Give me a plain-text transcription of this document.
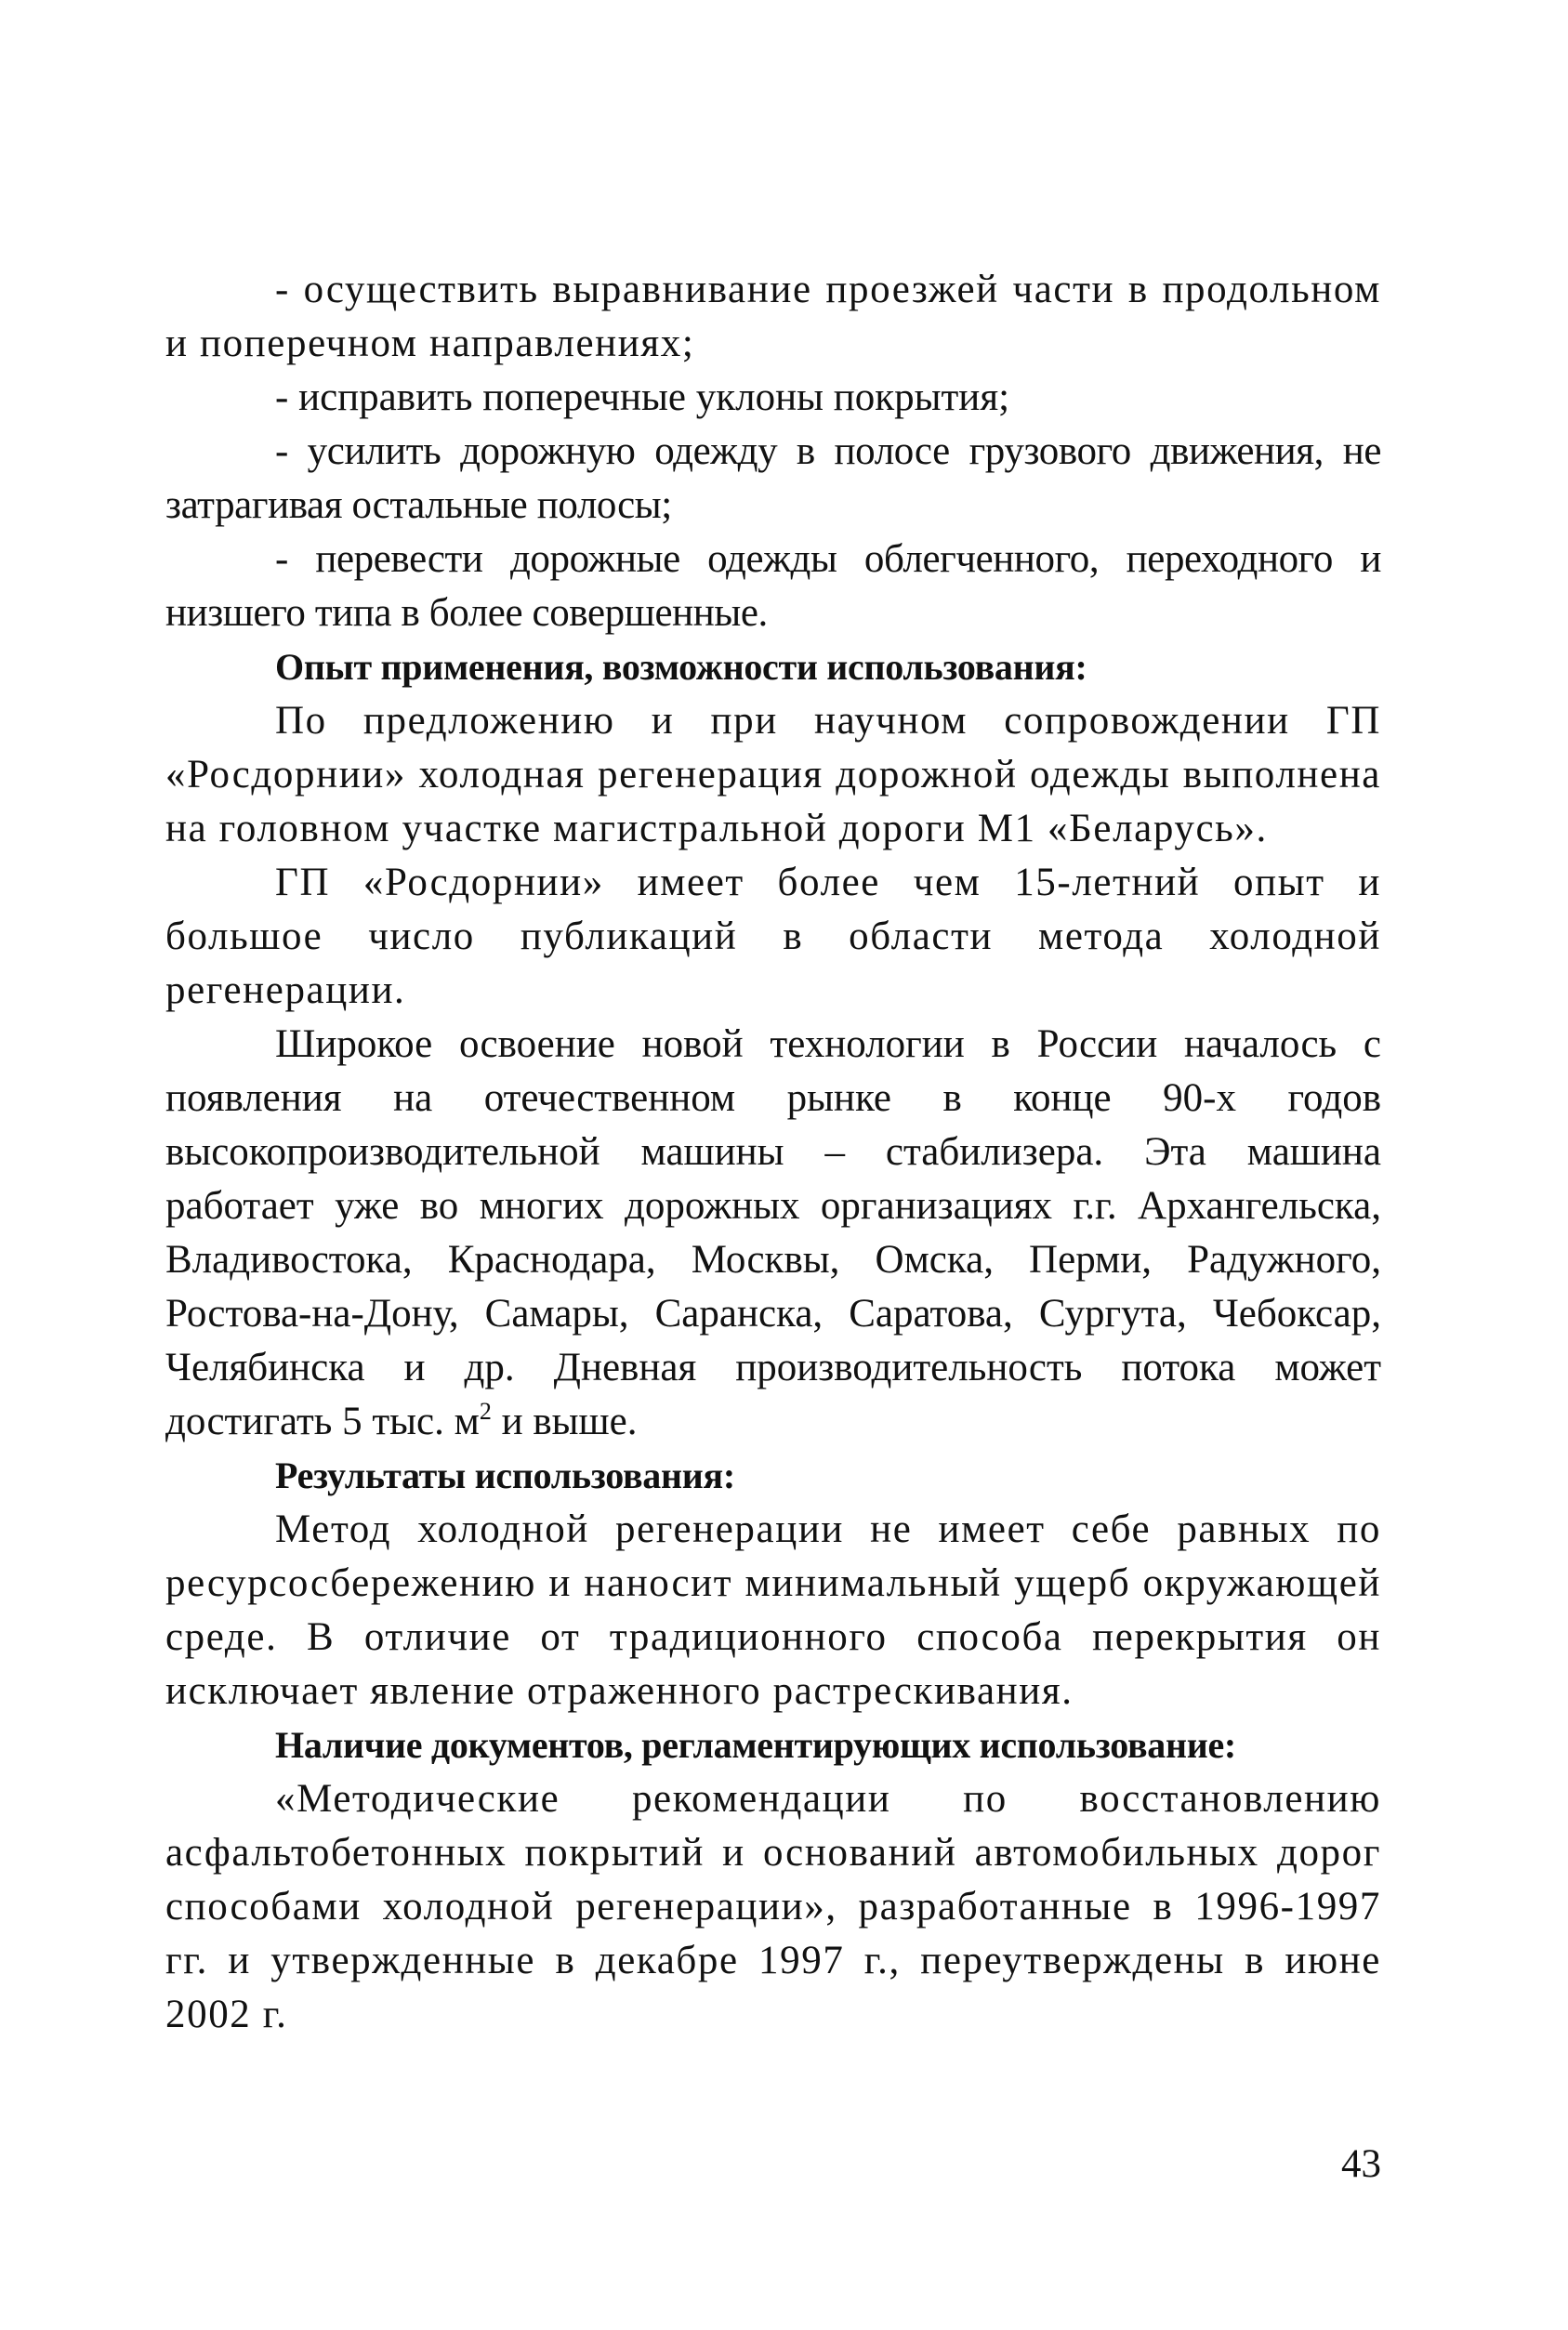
- осуществить выравнивание проезжей части в продольном и поперечном направлениях;

- исправить поперечные уклоны покрытия;

- усилить дорожную одежду в полосе грузового движения, не затрагивая остальные полосы;

- перевести дорожные одежды облегченного, переходного и низшего типа в более совершенные.

Опыт применения, возможности использования:

По предложению и при научном сопровождении ГП «Росдорнии» холодная регенерация дорожной одежды выполнена на головном участке магистральной дороги М1 «Беларусь».

ГП «Росдорнии» имеет более чем 15-летний опыт и большое число публикаций в области метода холодной регенерации.

Широкое освоение новой технологии в России началось с появления на отечественном рынке в конце 90-х годов высокопроизводительной машины – стабилизера. Эта машина работает уже во многих дорожных организациях г.г. Архангельска, Владивостока, Краснодара, Москвы, Омска, Перми, Радужного, Ростова-на-Дону, Самары, Саранска, Саратова, Сургута, Чебоксар, Челябинска и др. Дневная производительность потока может достигать 5 тыс. $м^2$ и выше.

Результаты использования:

Метод холодной регенерации не имеет себе равных по ресурсосбережению и наносит минимальный ущерб окружающей среде. В отличие от традиционного способа перекрытия он исключает явление отраженного растрескивания.

Наличие документов, регламентирующих использование:

«Методические рекомендации по восстановлению асфальтобетонных покрытий и оснований автомобильных дорог способами холодной регенерации», разработанные в 1996-1997 гг. и утвержденные в декабре 1997 г., переутверждены в июне 2002 г.

43
